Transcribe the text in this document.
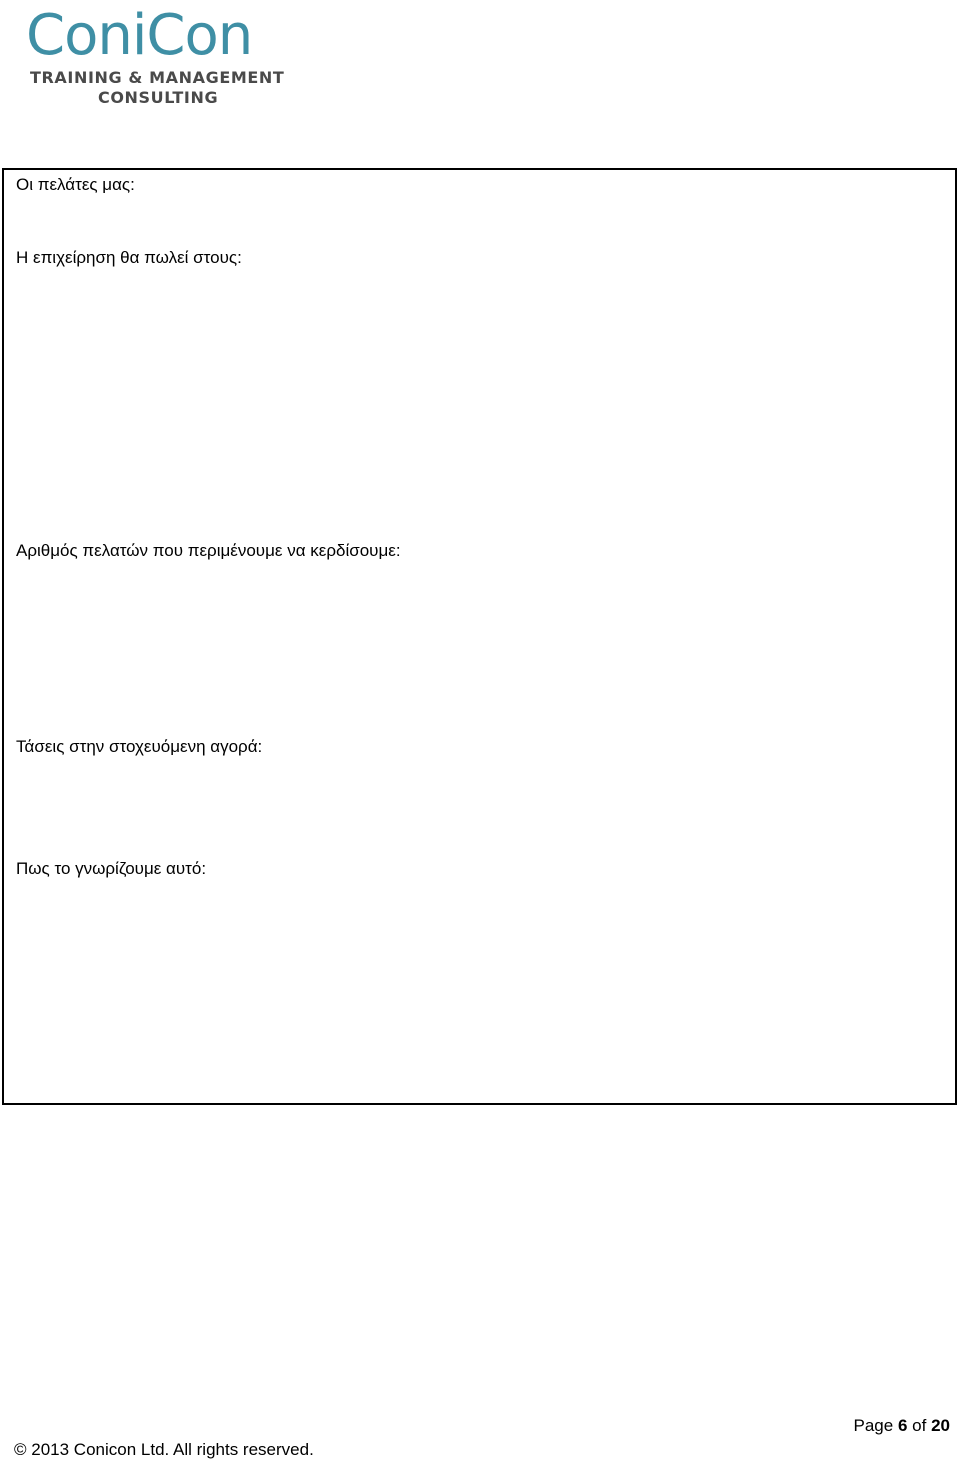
ConiCon
TRAINING & MANAGEMENT
CONSULTING
Οι πελάτες μας:
Η επιχείρηση θα πωλεί στους:
Αριθμός πελατών που περιμένουμε να κερδίσουμε:
Τάσεις στην στοχευόμενη αγορά:
Πως το γνωρίζουμε αυτό:
Page 6 of 20
© 2013 Conicon Ltd. All rights reserved.
